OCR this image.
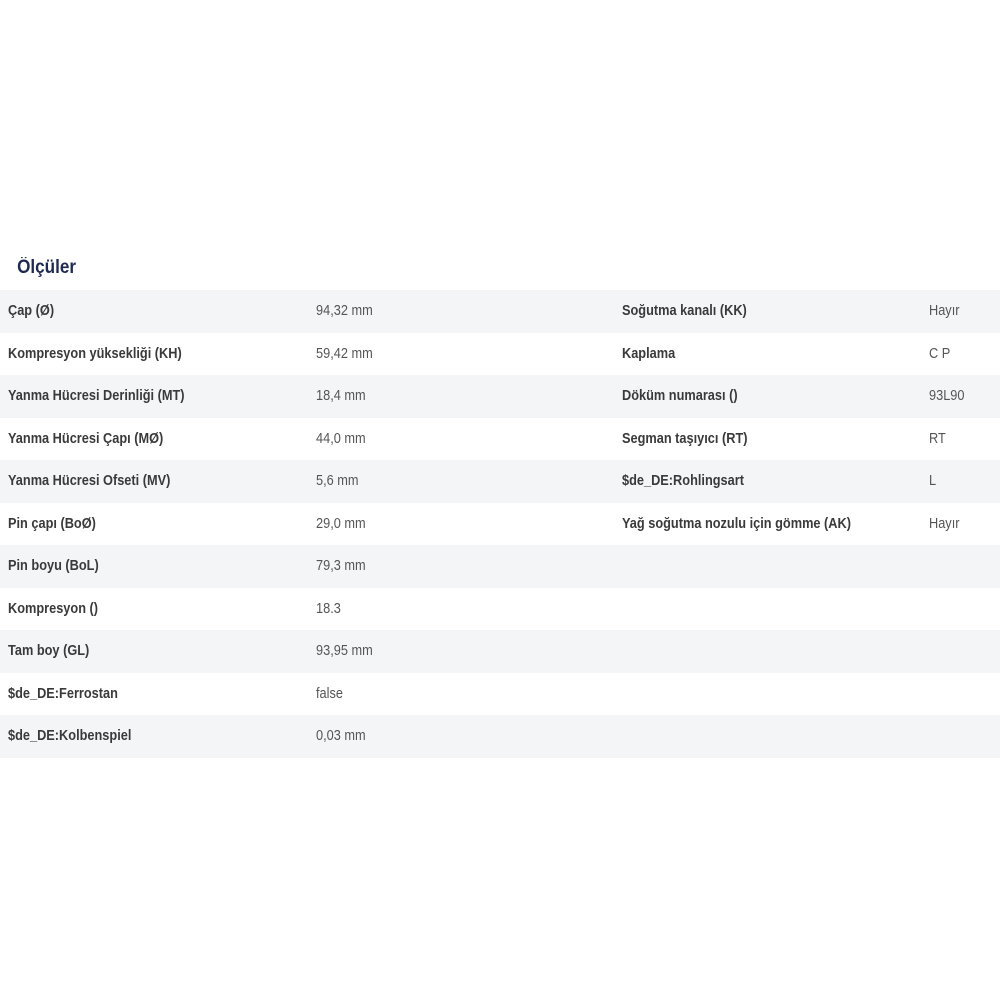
Ölçüler
Çap (Ø)	94,32 mm	Soğutma kanalı (KK)	Hayır
Kompresyon yüksekliği (KH)	59,42 mm	Kaplama	C P
Yanma Hücresi Derinliği (MT)	18,4 mm	Döküm numarası ()	93L90
Yanma Hücresi Çapı (MØ)	44,0 mm	Segman taşıyıcı (RT)	RT
Yanma Hücresi Ofseti (MV)	5,6 mm	$de_DE:Rohlingsart	L
Pin çapı (BoØ)	29,0 mm	Yağ soğutma nozulu için gömme (AK)	Hayır
Pin boyu (BoL)	79,3 mm
Kompresyon ()	18.3
Tam boy (GL)	93,95 mm
$de_DE:Ferrostan	false
$de_DE:Kolbenspiel	0,03 mm
